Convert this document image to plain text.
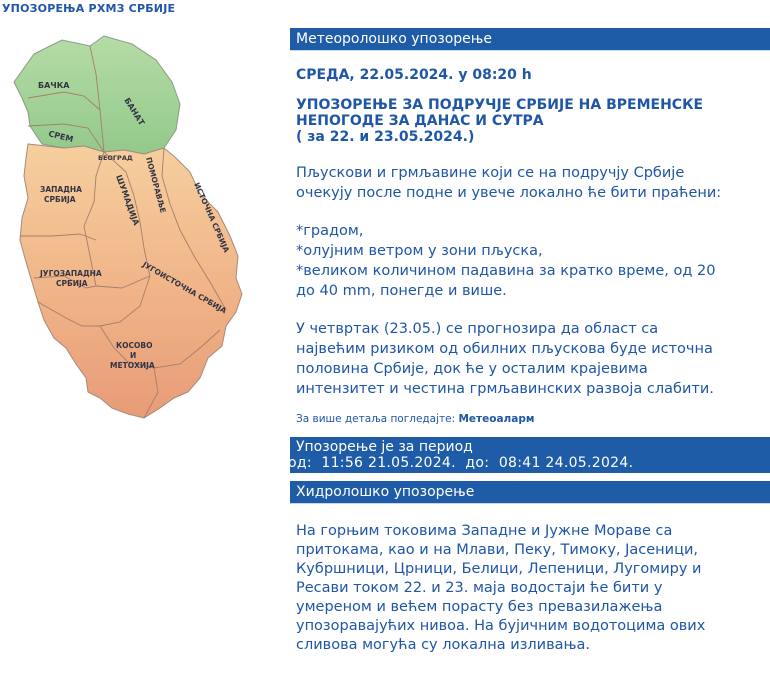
УПОЗОРЕЊА РХМЗ СРБИЈЕ
БАЧКА
БАНАТ
СРЕМ
БЕОГРАД
ЗАПАДНА
СРБИЈА	ШУМАДИЈА ПОМОРАВЉЕ	ИСТОЧНА СРБИЈА
ЈУГОЗАПАДНА
СРБИЈА	ЈУГОИСТОЧНА СРБИЈА
КОСОВО
И
МЕТОХИЈА
Метеоролошко упозорење
СРЕДА, 22.05.2024. у 08:20 h
УПОЗОРЕЊЕ ЗА ПОДРУЧЈЕ СРБИЈЕ НА ВРЕМЕНСКЕ
НЕПОГОДЕ ЗА ДАНАС И СУТРА
( за 22. и 23.05.2024.)
Пљускови и грмљавине који се на подручју Србије
очекују после подне и увече локално ће бити праћени:
*градом,
*олујним ветром у зони пљуска,
*великом количином падавина за кратко време, од 20
до 40 mm, понегде и више.
У четвртак (23.05.) се прогнозира да област са
највећим ризиком од обилних пљускова буде источна
половина Србије, док ће у осталим крајевима
интензитет и честина грмљавинских развоја слабити.
За више детаља погледајте: Метеоаларм
Упозорење је за период
од: 11:56 21.05.2024. до: 08:41 24.05.2024.
Хидролошко упозорење
На горњим токовима Западне и Јужне Мораве са
притокама, као и на Млави, Пеку, Тимоку, Јасеници,
Кубршници, Црници, Белици, Лепеници, Лугомиру и
Ресави током 22. и 23. маја водостаји ће бити у
умереном и већем порасту без превазилажења
упозоравајућих нивоа. На бујичним водотоцима ових
сливова могућа су локална изливања.
